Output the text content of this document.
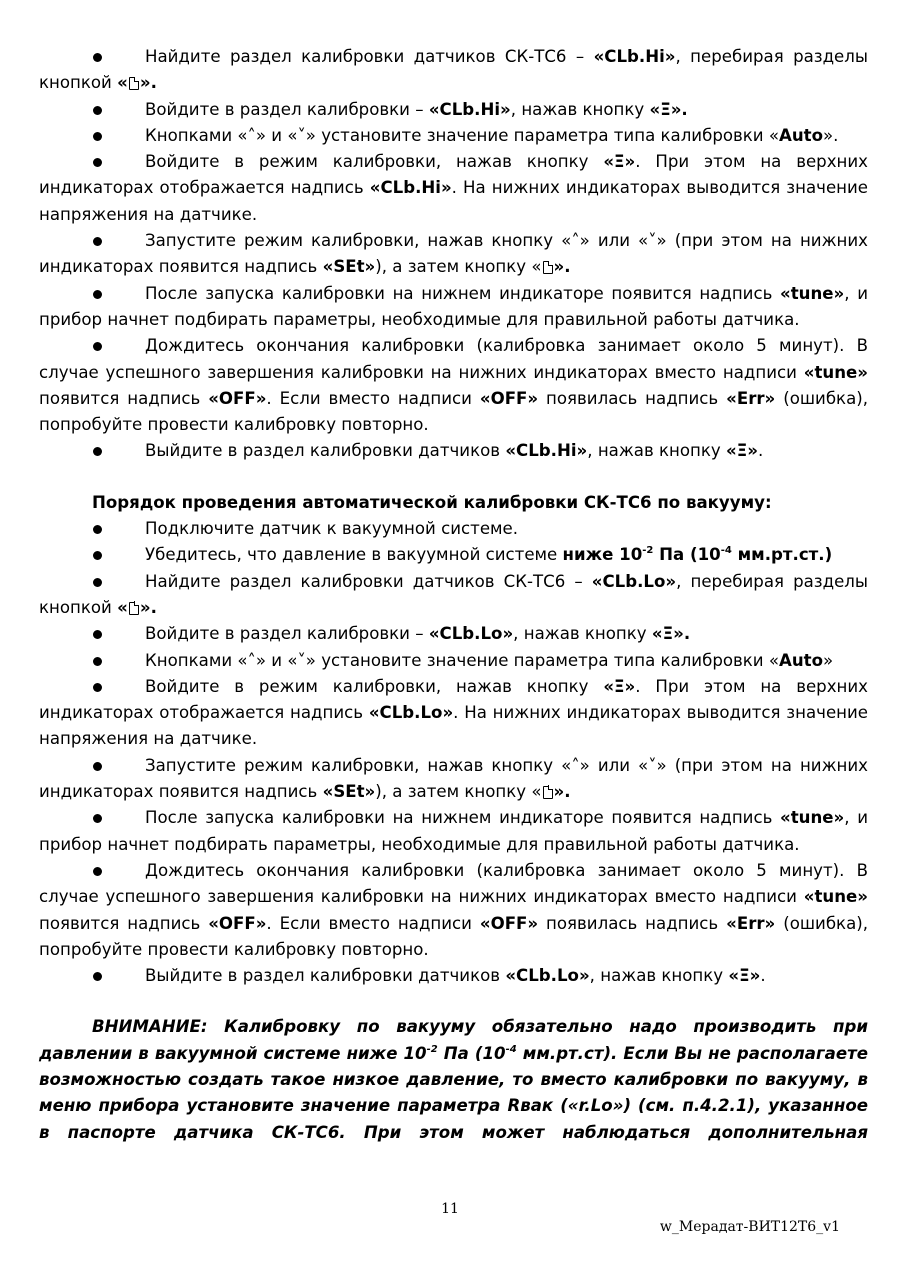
Найдите раздел калибровки датчиков СК-ТС6 – «CLb.Hi», перебирая разделы кнопкой « ».
Войдите в раздел калибровки – «CLb.Hi», нажав кнопку «Ξ».
Кнопками «˄» и «˅» установите значение параметра типа калибровки «Auto».
Войдите в режим калибровки, нажав кнопку «Ξ». При этом на верхних индикаторах отображается надпись «CLb.Hi». На нижних индикаторах выводится значение напряжения на датчике.
Запустите режим калибровки, нажав кнопку «˄» или «˅» (при этом на нижних индикаторах появится надпись «SEt»), а затем кнопку « ».
После запуска калибровки на нижнем индикаторе появится надпись «tune», и прибор начнет подбирать параметры, необходимые для правильной работы датчика.
Дождитесь окончания калибровки (калибровка занимает около 5 минут). В случае успешного завершения калибровки на нижних индикаторах вместо надписи «tune» появится надпись «OFF». Если вместо надписи «OFF» появилась надпись «Err» (ошибка), попробуйте провести калибровку повторно.
Выйдите в раздел калибровки датчиков «CLb.Hi», нажав кнопку «Ξ».

Порядок проведения автоматической калибровки СК-ТС6 по вакууму:

Подключите датчик к вакуумной системе.
Убедитесь, что давление в вакуумной системе ниже $10^{-2}$ Па ($10^{-4}$ мм.рт.ст.)
Найдите раздел калибровки датчиков СК-ТС6 – «CLb.Lo», перебирая разделы кнопкой « ».
Войдите в раздел калибровки – «CLb.Lo», нажав кнопку «Ξ».
Кнопками «˄» и «˅» установите значение параметра типа калибровки «Auto»
Войдите в режим калибровки, нажав кнопку «Ξ». При этом на верхних индикаторах отображается надпись «CLb.Lo». На нижних индикаторах выводится значение напряжения на датчике.
Запустите режим калибровки, нажав кнопку «˄» или «˅» (при этом на нижних индикаторах появится надпись «SEt»), а затем кнопку « ».
После запуска калибровки на нижнем индикаторе появится надпись «tune», и прибор начнет подбирать параметры, необходимые для правильной работы датчика.
Дождитесь окончания калибровки (калибровка занимает около 5 минут). В случае успешного завершения калибровки на нижних индикаторах вместо надписи «tune» появится надпись «OFF». Если вместо надписи «OFF» появилась надпись «Err» (ошибка), попробуйте провести калибровку повторно.
Выйдите в раздел калибровки датчиков «CLb.Lo», нажав кнопку «Ξ».

ВНИМАНИЕ: Калибровку по вакууму обязательно надо производить при давлении в вакуумной системе ниже $10^{-2}$ Па ($10^{-4}$ мм.рт.ст). Если Вы не располагаете возможностью создать такое низкое давление, то вместо калибровки по вакууму, в меню прибора установите значение параметра Rвак («r.Lo») (см. п.4.2.1), указанное в паспорте датчика СК-ТС6. При этом может наблюдаться дополнительная

11
w_Мерадат-ВИТ12Т6_v1
